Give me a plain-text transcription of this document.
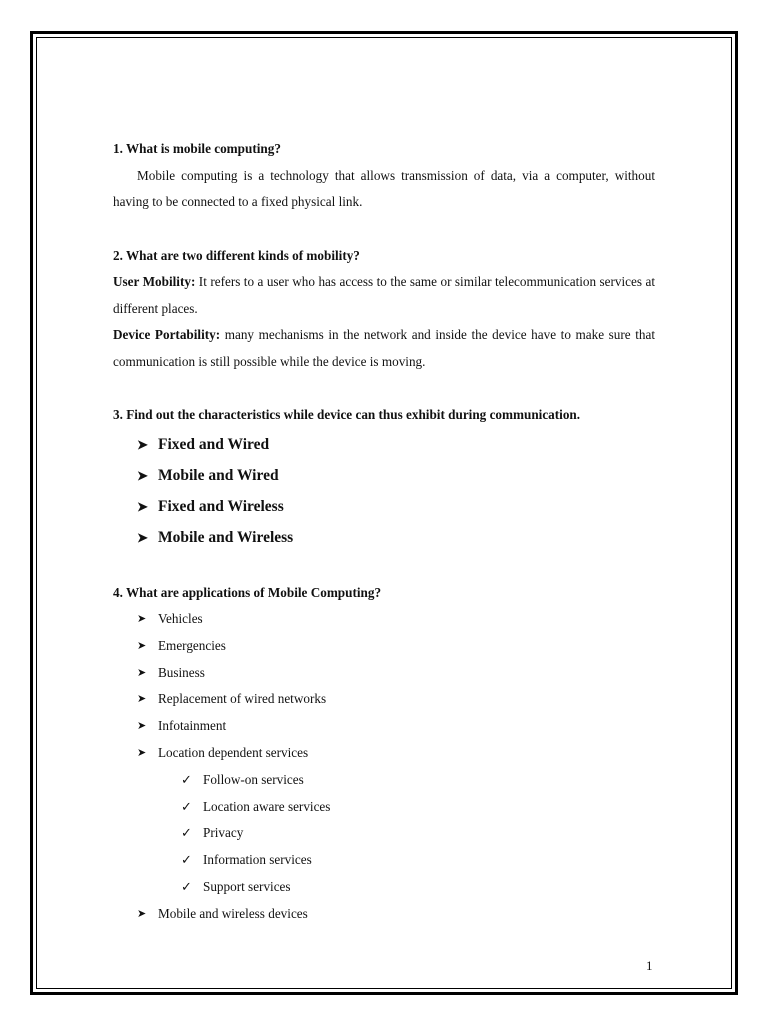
1. What is mobile computing?

Mobile computing is a technology that allows transmission of data, via a computer, without having to be connected to a fixed physical link.

2. What are two different kinds of mobility?

User Mobility: It refers to a user who has access to the same or similar telecommunication services at different places.

Device Portability: many mechanisms in the network and inside the device have to make sure that communication is still possible while the device is moving.

3. Find out the characteristics while device can thus exhibit during communication.

➤ Fixed and Wired
➤ Mobile and Wired
➤ Fixed and Wireless
➤ Mobile and Wireless

4. What are applications of Mobile Computing?

➤ Vehicles
➤ Emergencies
➤ Business
➤ Replacement of wired networks
➤ Infotainment
➤ Location dependent services
✓ Follow-on services
✓ Location aware services
✓ Privacy
✓ Information services
✓ Support services
➤ Mobile and wireless devices
1
